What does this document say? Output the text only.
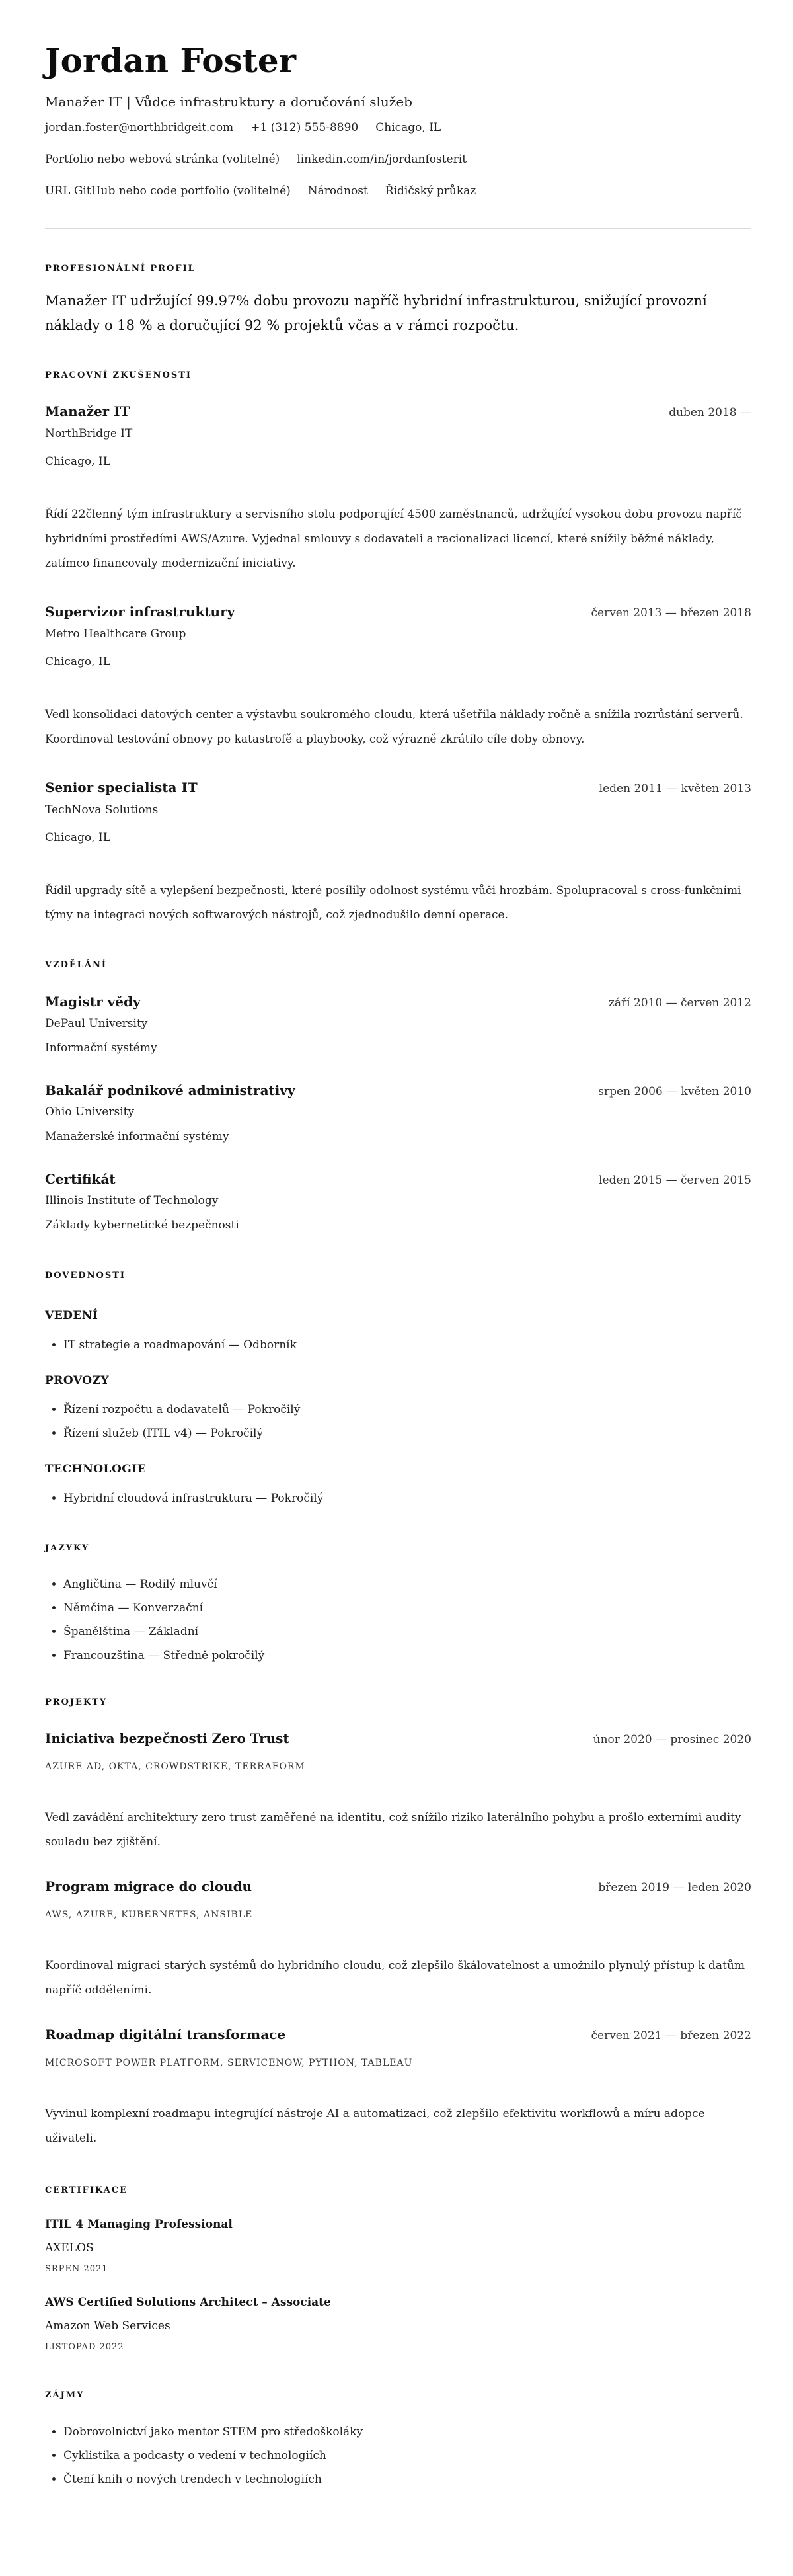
Jordan Foster
Manažer IT | Vůdce infrastruktury a doručování služeb
jordan.foster@northbridgeit.com +1 (312) 555-8890 Chicago, IL
Portfolio nebo webová stránka (volitelné) linkedin.com/in/jordanfosterit
URL GitHub nebo code portfolio (volitelné) Národnost Řidičský průkaz
PROFESIONÁLNÍ PROFIL
Manažer IT udržující 99.97% dobu provozu napříč hybridní infrastrukturou, snižující provozní náklady o 18 % a doručující 92 % projektů včas a v rámci rozpočtu.
PRACOVNÍ ZKUŠENOSTI
Manažer IT	duben 2018 —
NorthBridge IT
Chicago, IL
Řídí 22členný tým infrastruktury a servisního stolu podporující 4500 zaměstnanců, udržující vysokou dobu provozu napříč hybridními prostředími AWS/Azure. Vyjednal smlouvy s dodavateli a racionalizaci licencí, které snížily běžné náklady, zatímco financovaly modernizační iniciativy.
Supervizor infrastruktury	červen 2013 — březen 2018
Metro Healthcare Group
Chicago, IL
Vedl konsolidaci datových center a výstavbu soukromého cloudu, která ušetřila náklady ročně a snížila rozrůstání serverů. Koordinoval testování obnovy po katastrofě a playbooky, což výrazně zkrátilo cíle doby obnovy.
Senior specialista IT	leden 2011 — květen 2013
TechNova Solutions
Chicago, IL
Řídil upgrady sítě a vylepšení bezpečnosti, které posílily odolnost systému vůči hrozbám. Spolupracoval s cross-funkčními týmy na integraci nových softwarových nástrojů, což zjednodušilo denní operace.
VZDĚLÁNÍ
Magistr vědy	září 2010 — červen 2012
DePaul University
Informační systémy
Bakalář podnikové administrativy	srpen 2006 — květen 2010
Ohio University
Manažerské informační systémy
Certifikát	leden 2015 — červen 2015
Illinois Institute of Technology
Základy kybernetické bezpečnosti
DOVEDNOSTI
VEDENÍ
• IT strategie a roadmapování — Odborník
PROVOZY
• Řízení rozpočtu a dodavatelů — Pokročilý
• Řízení služeb (ITIL v4) — Pokročilý
TECHNOLOGIE
• Hybridní cloudová infrastruktura — Pokročilý
JAZYKY
• Angličtina — Rodilý mluvčí
• Němčina — Konverzační
• Španělština — Základní
• Francouzština — Středně pokročilý
PROJEKTY
Iniciativa bezpečnosti Zero Trust	únor 2020 — prosinec 2020
AZURE AD, OKTA, CROWDSTRIKE, TERRAFORM
Vedl zavádění architektury zero trust zaměřené na identitu, což snížilo riziko laterálního pohybu a prošlo externími audity souladu bez zjištění.
Program migrace do cloudu	březen 2019 — leden 2020
AWS, AZURE, KUBERNETES, ANSIBLE
Koordinoval migraci starých systémů do hybridního cloudu, což zlepšilo škálovatelnost a umožnilo plynulý přístup k datům napříč odděleními.
Roadmap digitální transformace	červen 2021 — březen 2022
MICROSOFT POWER PLATFORM, SERVICENOW, PYTHON, TABLEAU
Vyvinul komplexní roadmapu integrující nástroje AI a automatizaci, což zlepšilo efektivitu workflowů a míru adopce uživateli.
CERTIFIKACE
ITIL 4 Managing Professional
AXELOS
SRPEN 2021
AWS Certified Solutions Architect – Associate
Amazon Web Services
LISTOPAD 2022
ZÁJMY
• Dobrovolnictví jako mentor STEM pro středoškoláky
• Cyklistika a podcasty o vedení v technologiích
• Čtení knih o nových trendech v technologiích
